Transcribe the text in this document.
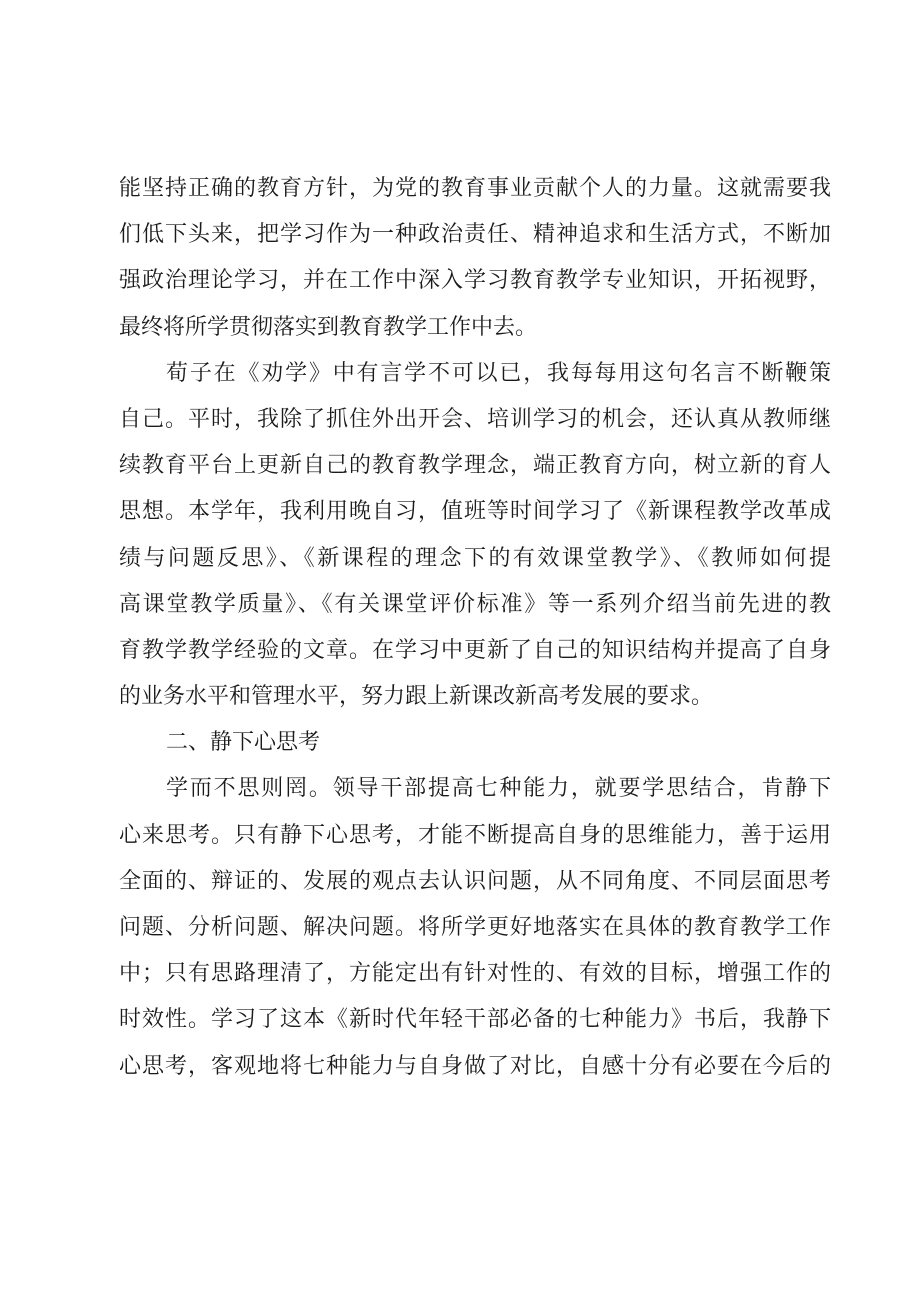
能坚持正确的教育方针，为党的教育事业贡献个人的力量。这就需要我
们低下头来，把学习作为一种政治责任、精神追求和生活方式，不断加
强政治理论学习，并在工作中深入学习教育教学专业知识，开拓视野，
最终将所学贯彻落实到教育教学工作中去。
荀子在《劝学》中有言学不可以已，我每每用这句名言不断鞭策
自己。平时，我除了抓住外出开会、培训学习的机会，还认真从教师继
续教育平台上更新自己的教育教学理念，端正教育方向，树立新的育人
思想。本学年，我利用晚自习，值班等时间学习了《新课程教学改革成
绩与问题反思》、《新课程的理念下的有效课堂教学》、《教师如何提
高课堂教学质量》、《有关课堂评价标准》等一系列介绍当前先进的教
育教学教学经验的文章。在学习中更新了自己的知识结构并提高了自身
的业务水平和管理水平，努力跟上新课改新高考发展的要求。
二、静下心思考
学而不思则罔。领导干部提高七种能力，就要学思结合，肯静下
心来思考。只有静下心思考，才能不断提高自身的思维能力，善于运用
全面的、辩证的、发展的观点去认识问题，从不同角度、不同层面思考
问题、分析问题、解决问题。将所学更好地落实在具体的教育教学工作
中；只有思路理清了，方能定出有针对性的、有效的目标，增强工作的
时效性。学习了这本《新时代年轻干部必备的七种能力》书后，我静下
心思考，客观地将七种能力与自身做了对比，自感十分有必要在今后的
